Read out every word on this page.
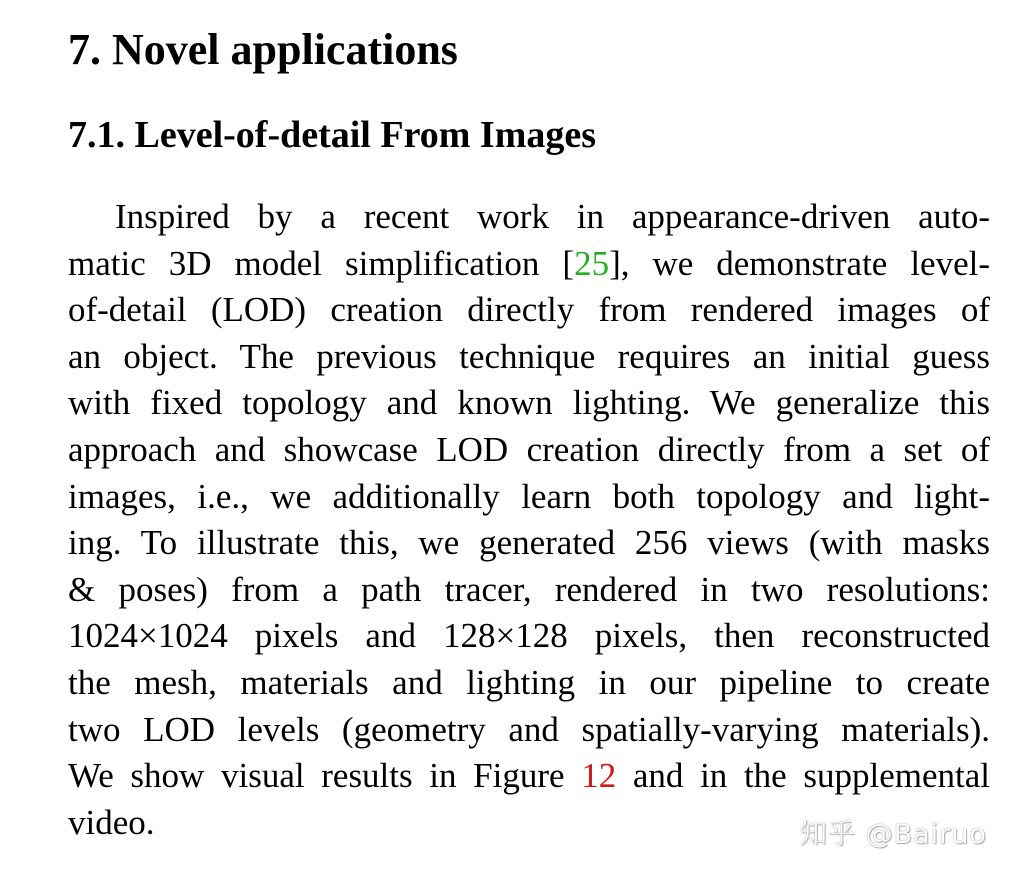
7. Novel applications
7.1. Level-of-detail From Images
Inspired by a recent work in appearance-driven auto-
matic 3D model simplification [25], we demonstrate level-
of-detail (LOD) creation directly from rendered images of
an object. The previous technique requires an initial guess
with fixed topology and known lighting. We generalize this
approach and showcase LOD creation directly from a set of
images, i.e., we additionally learn both topology and light-
ing. To illustrate this, we generated 256 views (with masks
& poses) from a path tracer, rendered in two resolutions:
1024×1024 pixels and 128×128 pixels, then reconstructed
the mesh, materials and lighting in our pipeline to create
two LOD levels (geometry and spatially-varying materials).
We show visual results in Figure 12 and in the supplemental
video.	知乎 @Bairuo
